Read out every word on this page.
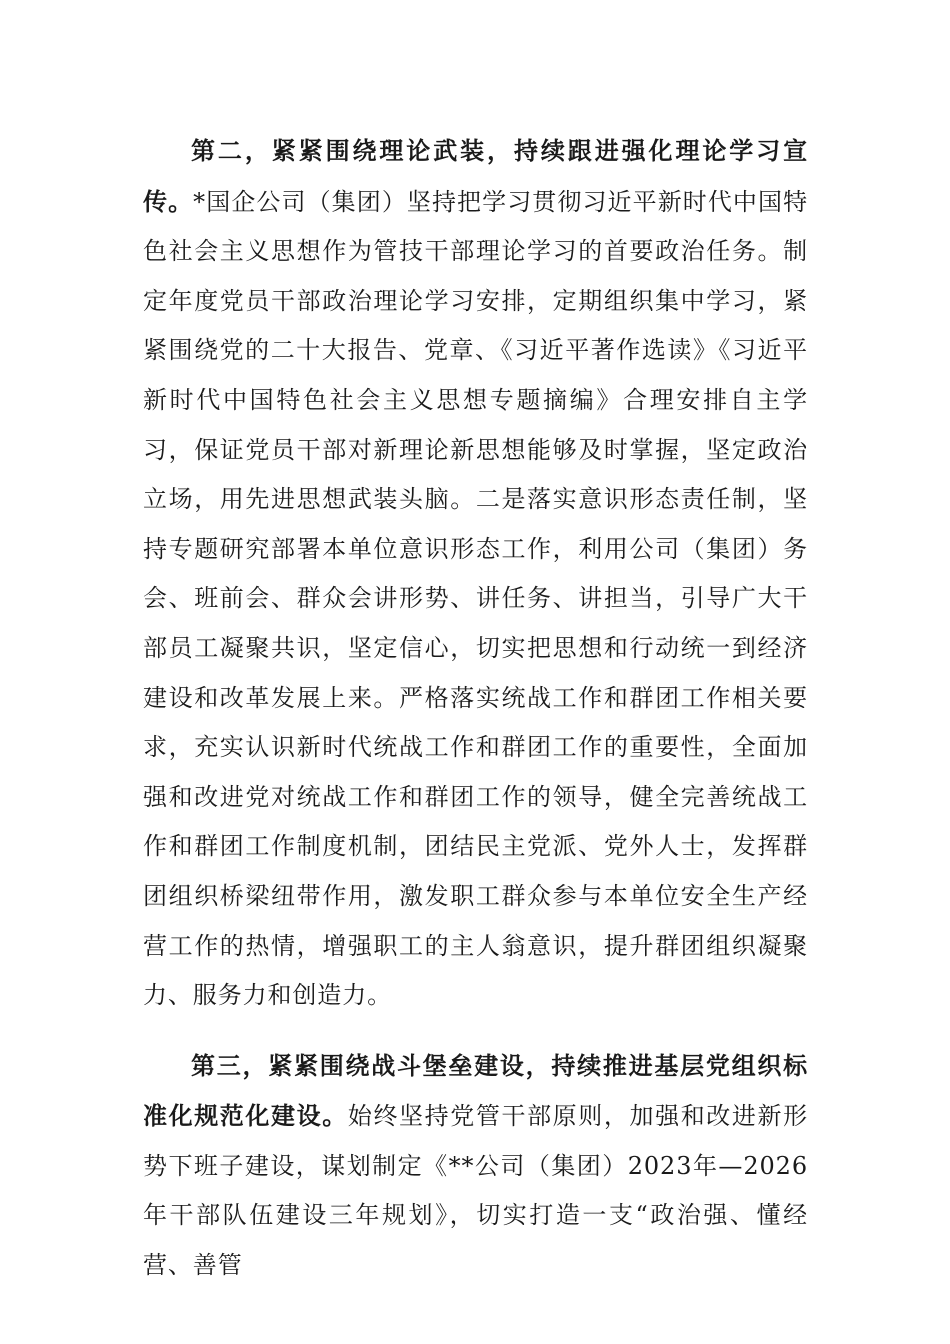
第二，紧紧围绕理论武装，持续跟进强化理论学习宣传。*国企公司（集团）坚持把学习贯彻习近平新时代中国特色社会主义思想作为管技干部理论学习的首要政治任务。制定年度党员干部政治理论学习安排，定期组织集中学习，紧紧围绕党的二十大报告、党章、《习近平著作选读》《习近平新时代中国特色社会主义思想专题摘编》合理安排自主学习，保证党员干部对新理论新思想能够及时掌握，坚定政治立场，用先进思想武装头脑。二是落实意识形态责任制，坚持专题研究部署本单位意识形态工作，利用公司（集团）务会、班前会、群众会讲形势、讲任务、讲担当，引导广大干部员工凝聚共识，坚定信心，切实把思想和行动统一到经济建设和改革发展上来。严格落实统战工作和群团工作相关要求，充实认识新时代统战工作和群团工作的重要性，全面加强和改进党对统战工作和群团工作的领导，健全完善统战工作和群团工作制度机制，团结民主党派、党外人士，发挥群团组织桥梁纽带作用，激发职工群众参与本单位安全生产经营工作的热情，增强职工的主人翁意识，提升群团组织凝聚力、服务力和创造力。

第三，紧紧围绕战斗堡垒建设，持续推进基层党组织标准化规范化建设。始终坚持党管干部原则，加强和改进新形势下班子建设，谋划制定《**公司（集团）2023年—2026年干部队伍建设三年规划》，切实打造一支“政治强、懂经营、善管
